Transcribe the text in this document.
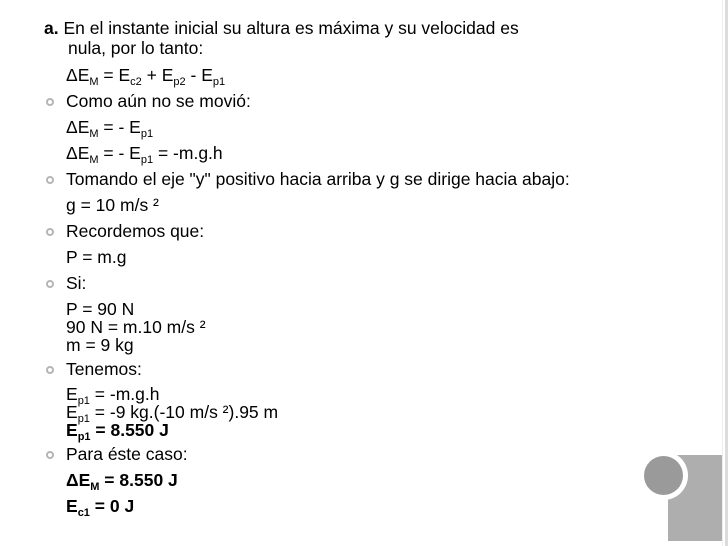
a. En el instante inicial su altura es máxima y su velocidad es
nula, por lo tanto:
$\Delta E_M = E_{c2} + E_{p2} - E_{p1}$
Como aún no se movió:
$\Delta E_M$ = - $E_{p1}$
$\Delta E_M$ = - $E_{p1} = -m.g.h$
Tomando el eje "y" positivo hacia arriba y g se dirige hacia abajo:
g = 10 m/s ²
Recordemos que:
P = m.g
Si:
P = 90 N
90 N = m.10 m/s ²
m = 9 kg
Tenemos:
$E_{p1} = -m.g.h$
$E_{p1} = -9$ kg.(-10 m/s ²).95 m
$E_{p1} = 8.550$ J
Para éste caso:
$\Delta E_M = 8.550$ J
$E_{c1} = 0$ J
